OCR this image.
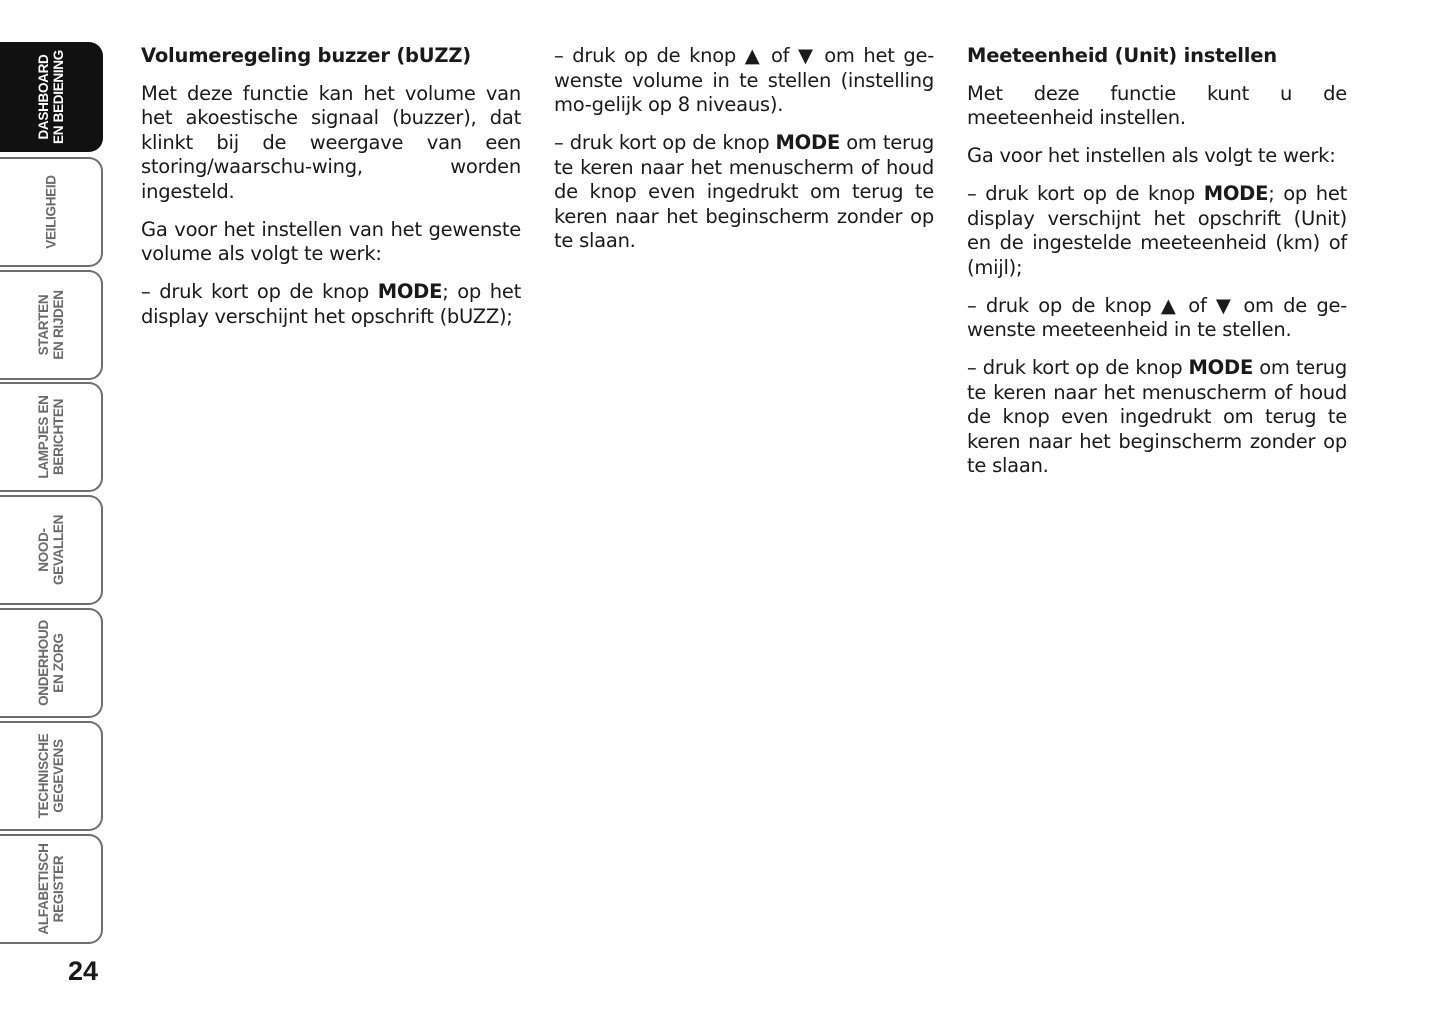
DASHBOARD EN BEDIENING
VEILIGHEID
STARTEN EN RIJDEN
LAMPJES EN BERICHTEN
NOOD- GEVALLEN
ONDERHOUD EN ZORG
TECHNISCHE GEGEVENS
ALFABETISCH REGISTER
24
Volumeregeling buzzer (bUZZ)

Met deze functie kan het volume van het akoestische signaal (buzzer), dat klinkt bij de weergave van een storing/waarschu-wing, worden ingesteld.

Ga voor het instellen van het gewenste volume als volgt te werk:

– druk kort op de knop MODE; op het display verschijnt het opschrift (bUZZ);

– druk op de knop ▲ of ▼ om het ge-wenste volume in te stellen (instelling mo-gelijk op 8 niveaus).

– druk kort op de knop MODE om terug te keren naar het menuscherm of houd de knop even ingedrukt om terug te keren naar het beginscherm zonder op te slaan.

Meeteenheid (Unit) instellen

Met deze functie kunt u de meeteenheid instellen.

Ga voor het instellen als volgt te werk:

– druk kort op de knop MODE; op het display verschijnt het opschrift (Unit) en de ingestelde meeteenheid (km) of (mijl);

– druk op de knop ▲ of ▼ om de ge-wenste meeteenheid in te stellen.

– druk kort op de knop MODE om terug te keren naar het menuscherm of houd de knop even ingedrukt om terug te keren naar het beginscherm zonder op te slaan.
